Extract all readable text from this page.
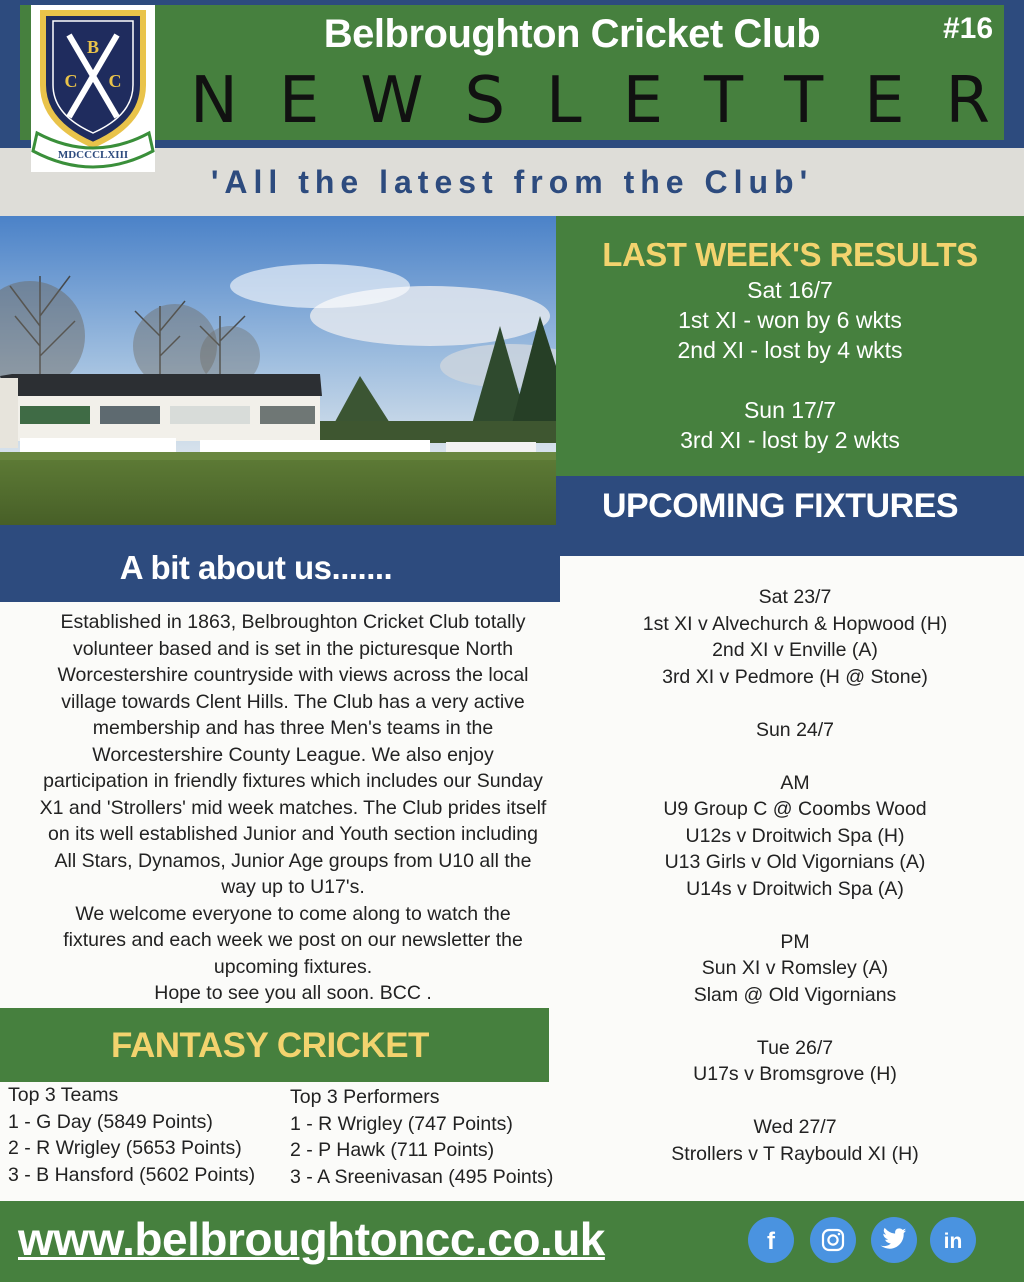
Belbroughton Cricket Club	#16
N E W S L E T T E R
'All the latest from the Club'
B
C C
MDCCCLXIII
LAST WEEK'S RESULTS
Sat 16/7
1st XI - won by 6 wkts
2nd XI - lost by 4 wkts
Sun 17/7
3rd XI - lost by 2 wkts
UPCOMING FIXTURES
Sat 23/7
1st XI v Alvechurch & Hopwood (H)
2nd XI v Enville (A)
3rd XI v Pedmore (H @ Stone)
Sun 24/7
AM
U9 Group C @ Coombs Wood
U12s v Droitwich Spa (H)
U13 Girls v Old Vigornians (A)
U14s v Droitwich Spa (A)
PM
Sun XI v Romsley (A)
Slam @ Old Vigornians
Tue 26/7
U17s v Bromsgrove (H)
Wed 27/7
Strollers v T Raybould XI (H)
A bit about us.......
Established in 1863, Belbroughton Cricket Club totally
volunteer based and is set in the picturesque North
Worcestershire countryside with views across the local
village towards Clent Hills. The Club has a very active
membership and has three Men's teams in the
Worcestershire County League. We also enjoy
participation in friendly fixtures which includes our Sunday
X1 and 'Strollers' mid week matches. The Club prides itself
on its well established Junior and Youth section including
All Stars, Dynamos, Junior Age groups from U10 all the
way up to U17's.
We welcome everyone to come along to watch the
fixtures and each week we post on our newsletter the
upcoming fixtures.
Hope to see you all soon. BCC .
FANTASY CRICKET
Top 3 Teams
1 - G Day (5849 Points)
2 - R Wrigley (5653 Points)
3 - B Hansford (5602 Points)
Top 3 Performers
1 - R Wrigley (747 Points)
2 - P Hawk (711 Points)
3 - A Sreenivasan (495 Points)
www.belbroughtoncc.co.uk	f	in
